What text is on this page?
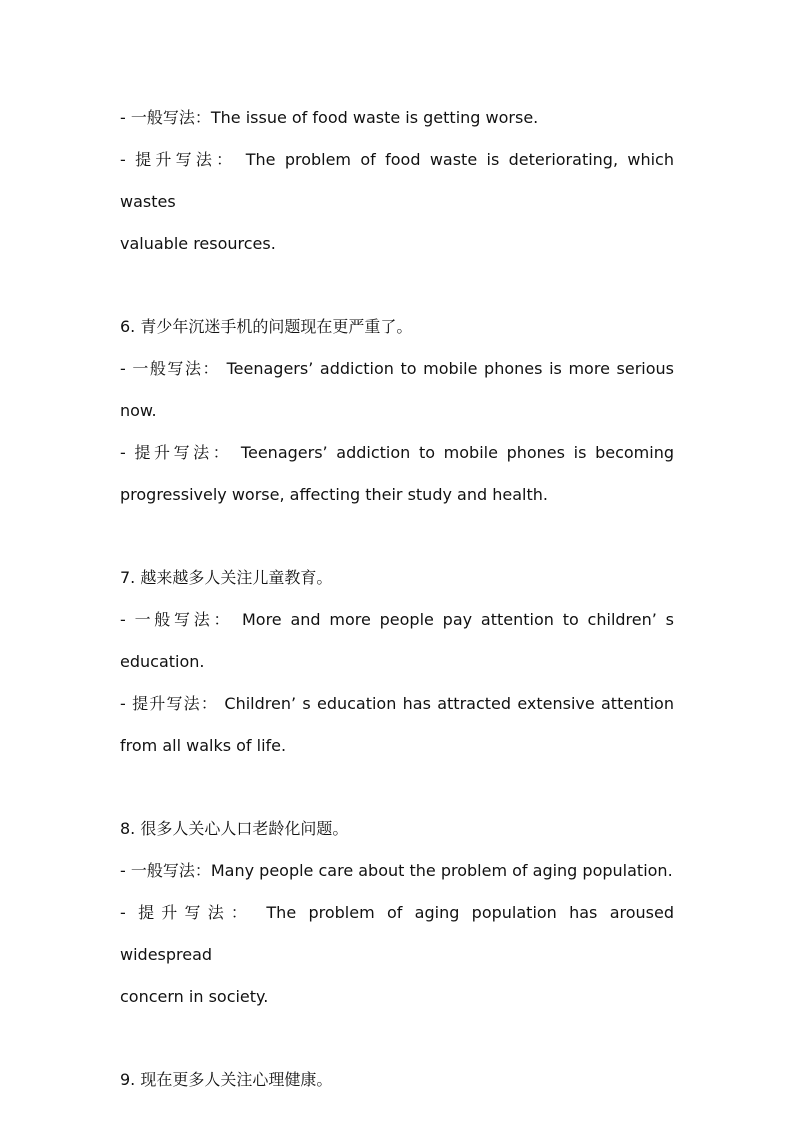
- 一般写法：The issue of food waste is getting worse.

- 提升写法： The problem of food waste is deteriorating, which wastes

valuable resources.

6. 青少年沉迷手机的问题现在更严重了。

- 一般写法： Teenagers’ addiction to mobile phones is more serious

now.

- 提升写法： Teenagers’ addiction to mobile phones is becoming

progressively worse, affecting their study and health.

7. 越来越多人关注儿童教育。

- 一般写法： More and more people pay attention to children’ s

education.

- 提升写法： Children’ s education has attracted extensive attention

from all walks of life.

8. 很多人关心人口老龄化问题。

- 一般写法：Many people care about the problem of aging population.

- 提升写法： The problem of aging population has aroused widespread

concern in society.

9. 现在更多人关注心理健康。
